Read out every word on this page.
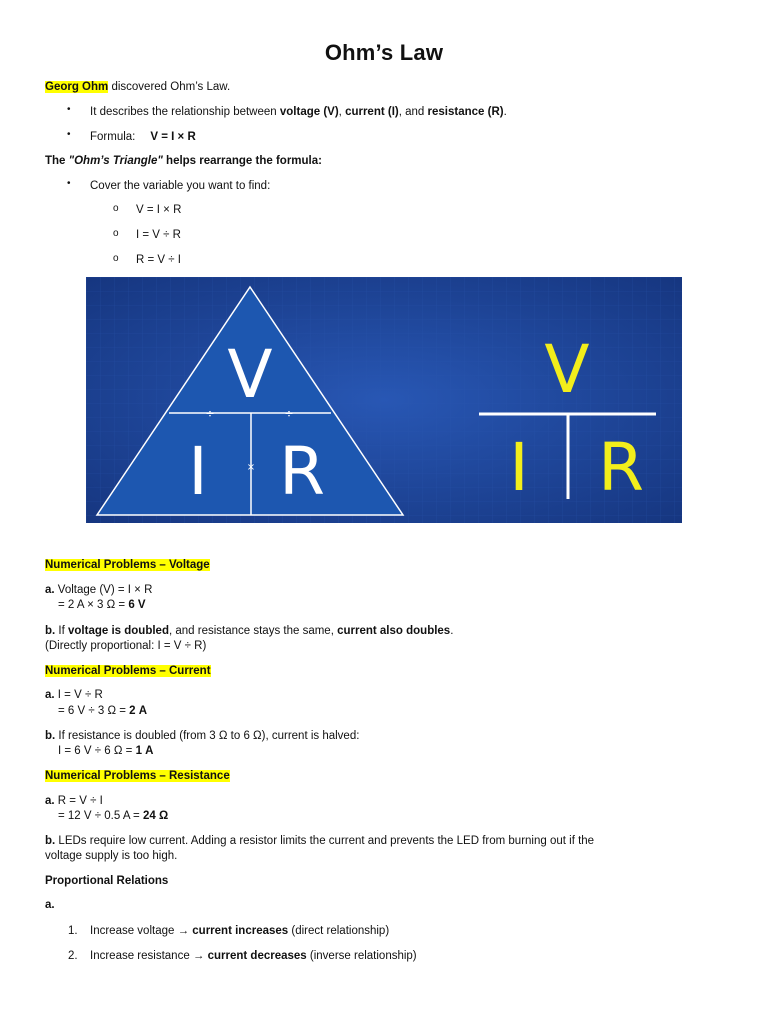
Ohm’s Law
Georg Ohm discovered Ohm’s Law.
• It describes the relationship between voltage (V), current (I), and resistance (R).
• Formula: V = I × R
The "Ohm’s Triangle" helps rearrange the formula:
• Cover the variable you want to find:
o V = I × R
o I = V ÷ R
o R = V ÷ I
V
I R
÷	÷
×
V
I R
Numerical Problems – Voltage
a. Voltage (V) = I × R
= 2 A × 3 Ω = 6 V
b. If voltage is doubled, and resistance stays the same, current also doubles.
(Directly proportional: I = V ÷ R)
Numerical Problems – Current
a. I = V ÷ R
= 6 V ÷ 3 Ω = 2 A
b. If resistance is doubled (from 3 Ω to 6 Ω), current is halved:
I = 6 V ÷ 6 Ω = 1 A
Numerical Problems – Resistance
a. R = V ÷ I
= 12 V ÷ 0.5 A = 24 Ω
b. LEDs require low current. Adding a resistor limits the current and prevents the LED from burning out if the
voltage supply is too high.
Proportional Relations
a.
1. Increase voltage → current increases (direct relationship)
2. Increase resistance → current decreases (inverse relationship)
